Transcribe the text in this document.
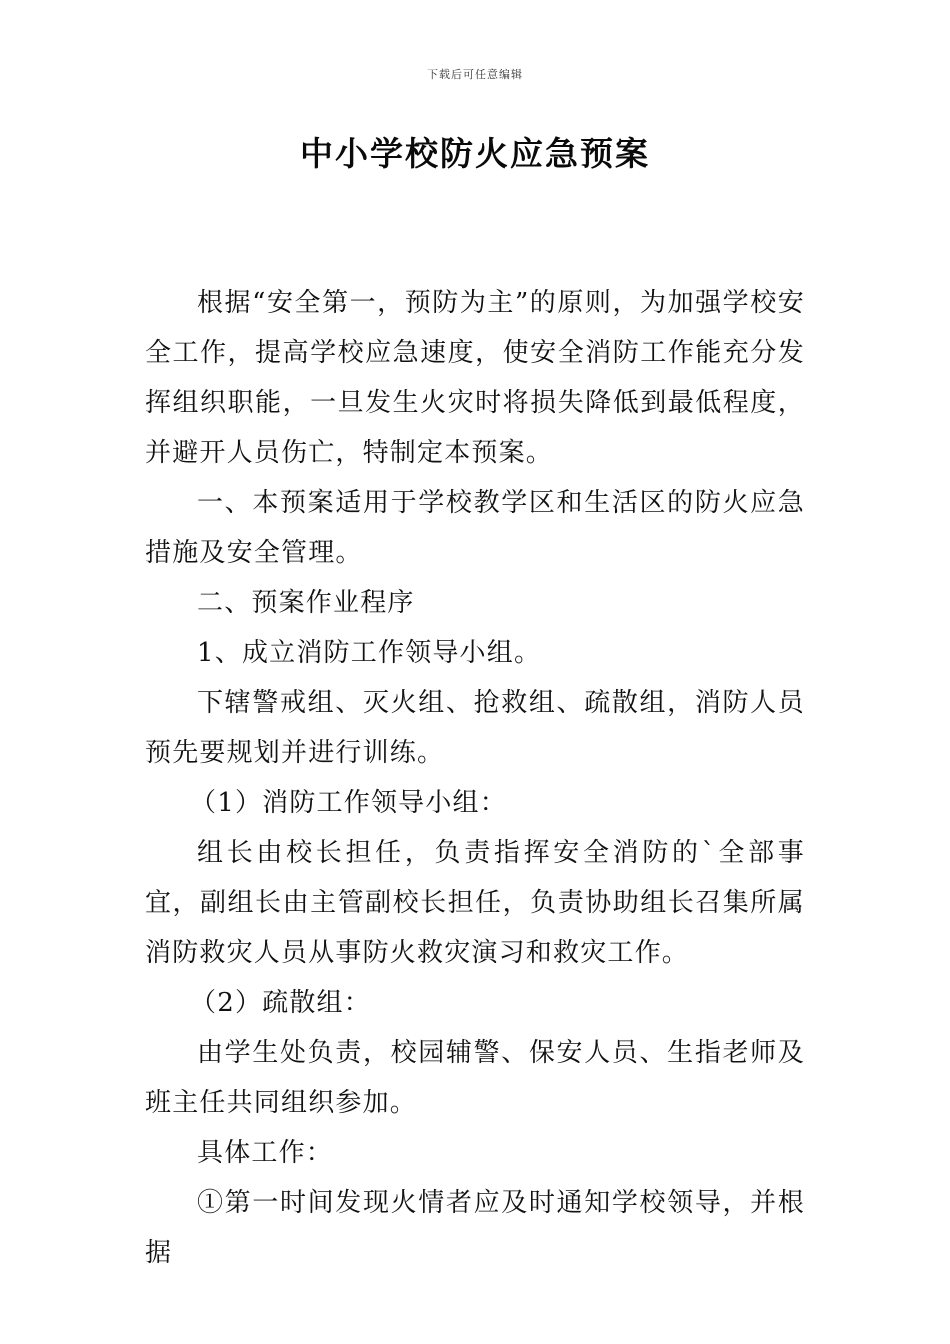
下载后可任意编辑
中小学校防火应急预案

根据“安全第一，预防为主”的原则，为加强学校安全工作，提高学校应急速度，使安全消防工作能充分发挥组织职能，一旦发生火灾时将损失降低到最低程度，并避开人员伤亡，特制定本预案。

一、本预案适用于学校教学区和生活区的防火应急措施及安全管理。

二、预案作业程序

1、成立消防工作领导小组。

下辖警戒组、灭火组、抢救组、疏散组，消防人员预先要规划并进行训练。

（1）消防工作领导小组：

组长由校长担任，负责指挥安全消防的`全部事宜，副组长由主管副校长担任，负责协助组长召集所属消防救灾人员从事防火救灾演习和救灾工作。

（2）疏散组：

由学生处负责，校园辅警、保安人员、生指老师及班主任共同组织参加。

具体工作：

①第一时间发现火情者应及时通知学校领导，并根据
